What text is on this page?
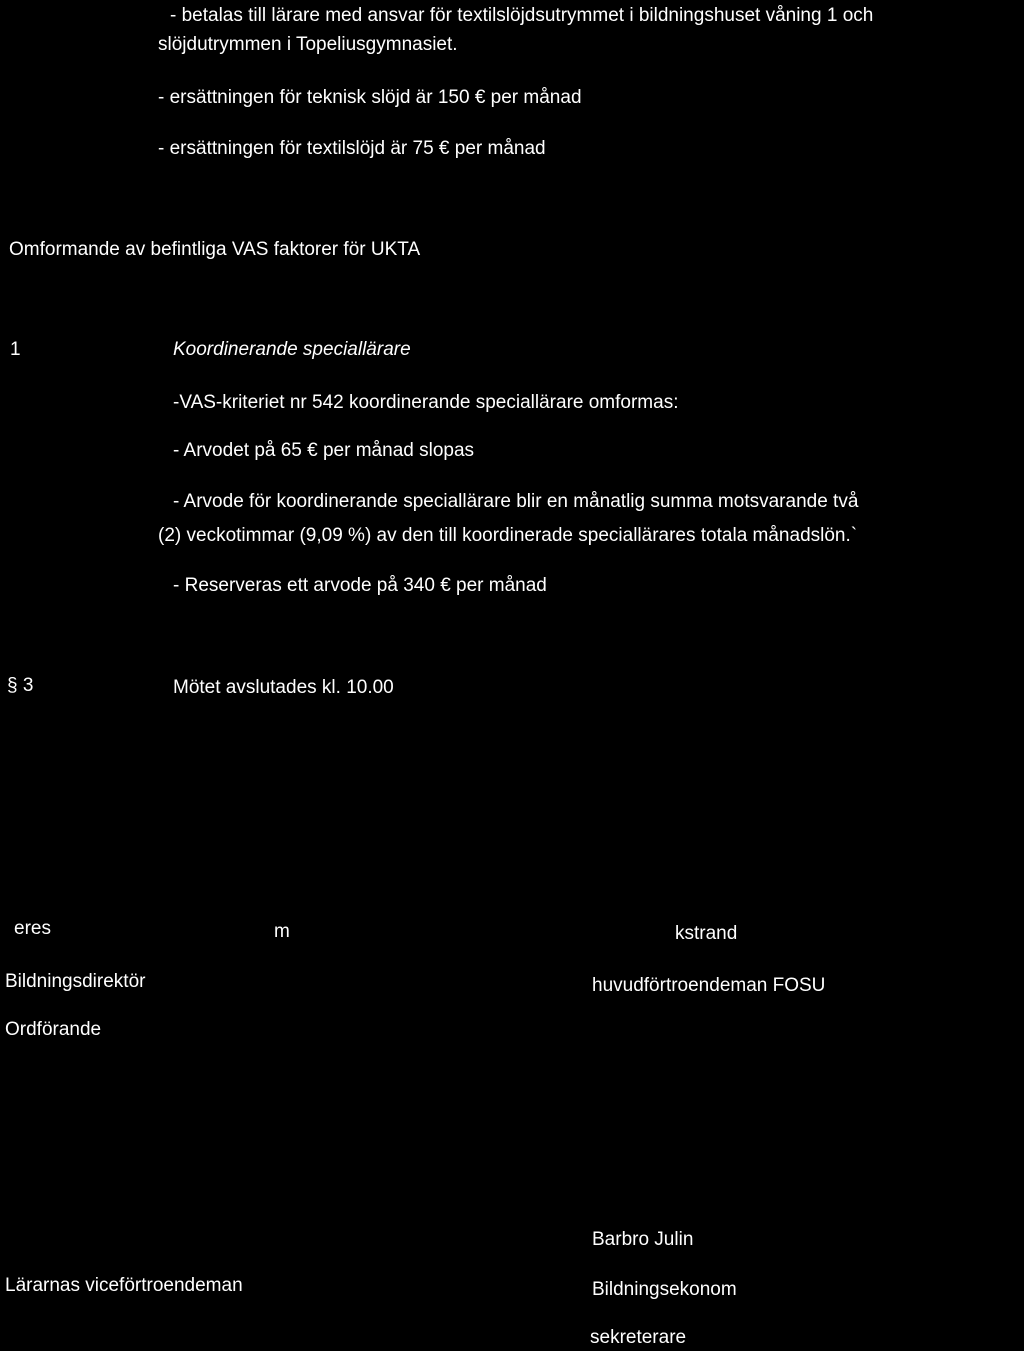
- betalas till lärare med ansvar för textilslöjdsutrymmet i bildningshuset våning 1 och
slöjdutrymmen i Topeliusgymnasiet.
- ersättningen för teknisk slöjd är 150 € per månad
- ersättningen för textilslöjd är 75 € per månad
Omformande av befintliga VAS faktorer för UKTA
1	Koordinerande speciallärare
-VAS-kriteriet nr 542 koordinerande speciallärare omformas:
- Arvodet på 65 € per månad slopas
- Arvode för koordinerande speciallärare blir en månatlig summa motsvarande två
(2) veckotimmar (9,09 %) av den till koordinerade speciallärares totala månadslön.`
- Reserveras ett arvode på 340 € per månad
§ 3	Mötet avslutades kl. 10.00
eres	m	kstrand
Bildningsdirektör	huvudförtroendeman FOSU
Ordförande
Barbro Julin
Lärarnas viceförtroendeman	Bildningsekonom
sekreterare
